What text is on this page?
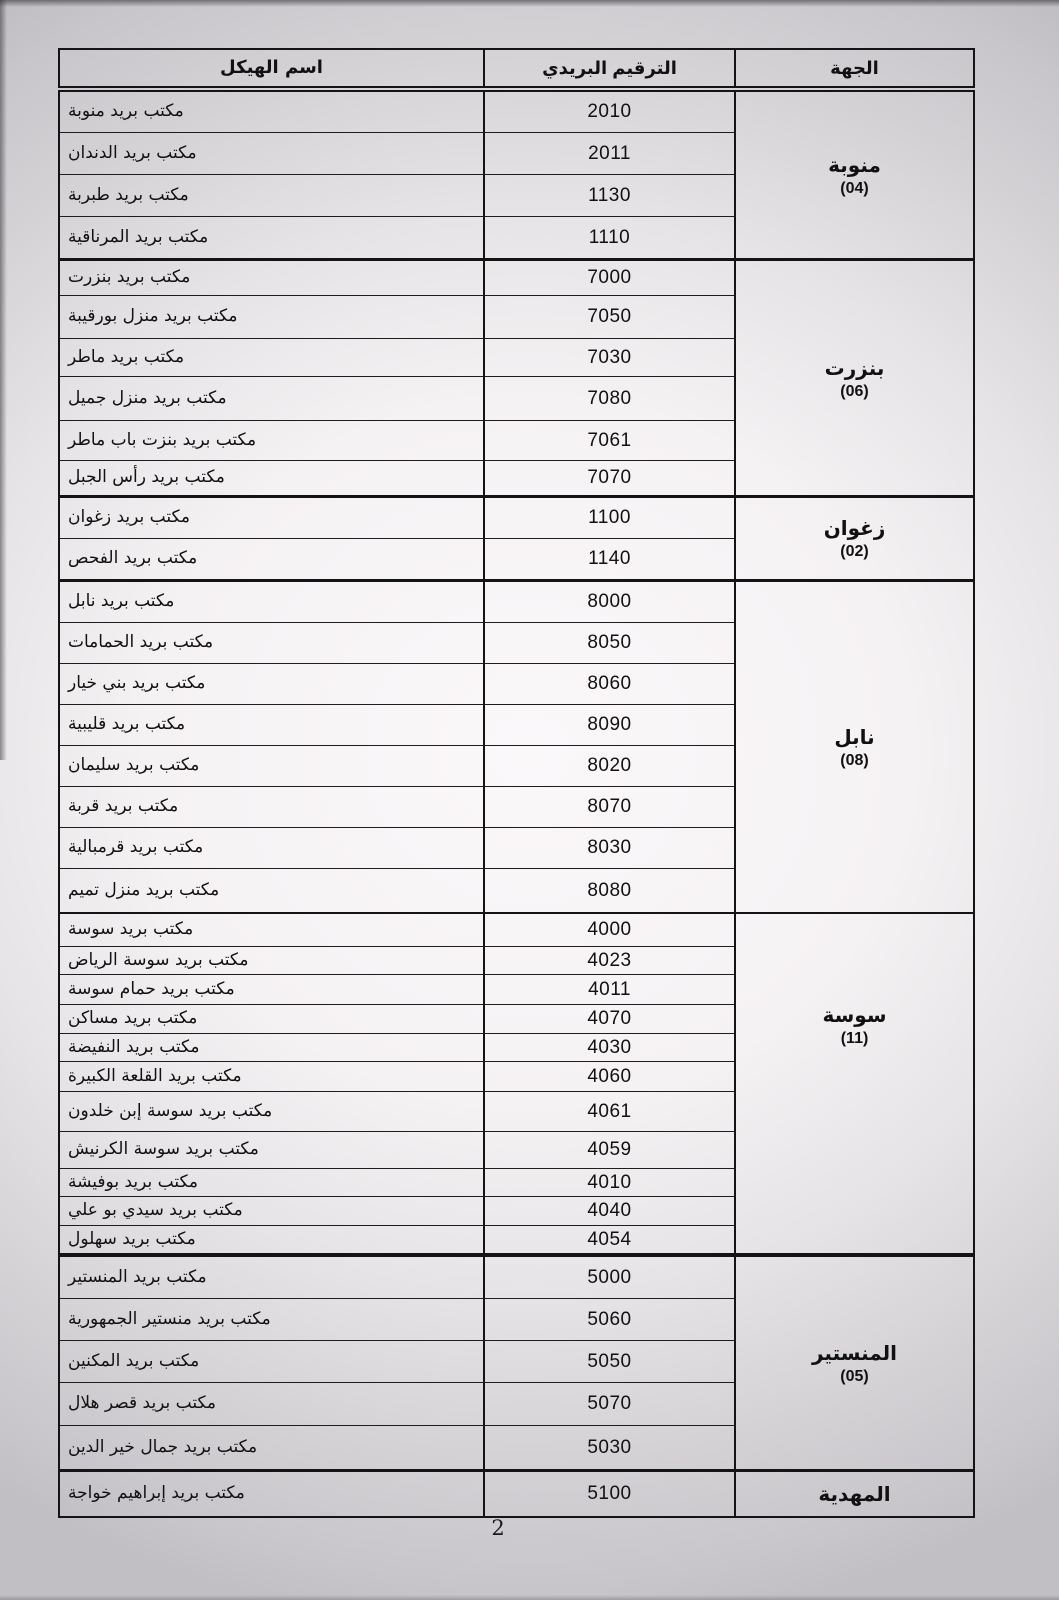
اسم الهيكل	الترقيم البريدي	الجهة
مكتب بريد منوبة	2010
مكتب بريد الدندان	2011
مكتب بريد طبربة	1130
مكتب بريد المرناقية	1110
منوبة
(04)
مكتب بريد بنزرت	7000
مكتب بريد منزل بورقيبة	7050
مكتب بريد ماطر	7030
مكتب بريد منزل جميل	7080
مكتب بريد بنزت باب ماطر	7061
مكتب بريد رأس الجبل	7070
بنزرت
(06)
مكتب بريد زغوان	1100
مكتب بريد الفحص	1140
زغوان
(02)
مكتب بريد نابل	8000
مكتب بريد الحمامات	8050
مكتب بريد بني خيار	8060
مكتب بريد قليبية	8090
مكتب بريد سليمان	8020
مكتب بريد قربة	8070
مكتب بريد قرمبالية	8030
مكتب بريد منزل تميم	8080
نابل
(08)
مكتب بريد سوسة	4000
مكتب بريد سوسة الرياض	4023
مكتب بريد حمام سوسة	4011
مكتب بريد مساكن	4070
مكتب بريد النفيضة	4030
مكتب بريد القلعة الكبيرة	4060
مكتب بريد سوسة إبن خلدون	4061
مكتب بريد سوسة الكرنيش	4059
مكتب بريد بوفيشة	4010
مكتب بريد سيدي بو علي	4040
مكتب بريد سهلول	4054
سوسة
(11)
مكتب بريد المنستير	5000
مكتب بريد منستير الجمهورية	5060
مكتب بريد المكنين	5050
مكتب بريد قصر هلال	5070
مكتب بريد جمال خير الدين	5030
المنستير
(05)
مكتب بريد إبراهيم خواجة	5100	المهدية
2
